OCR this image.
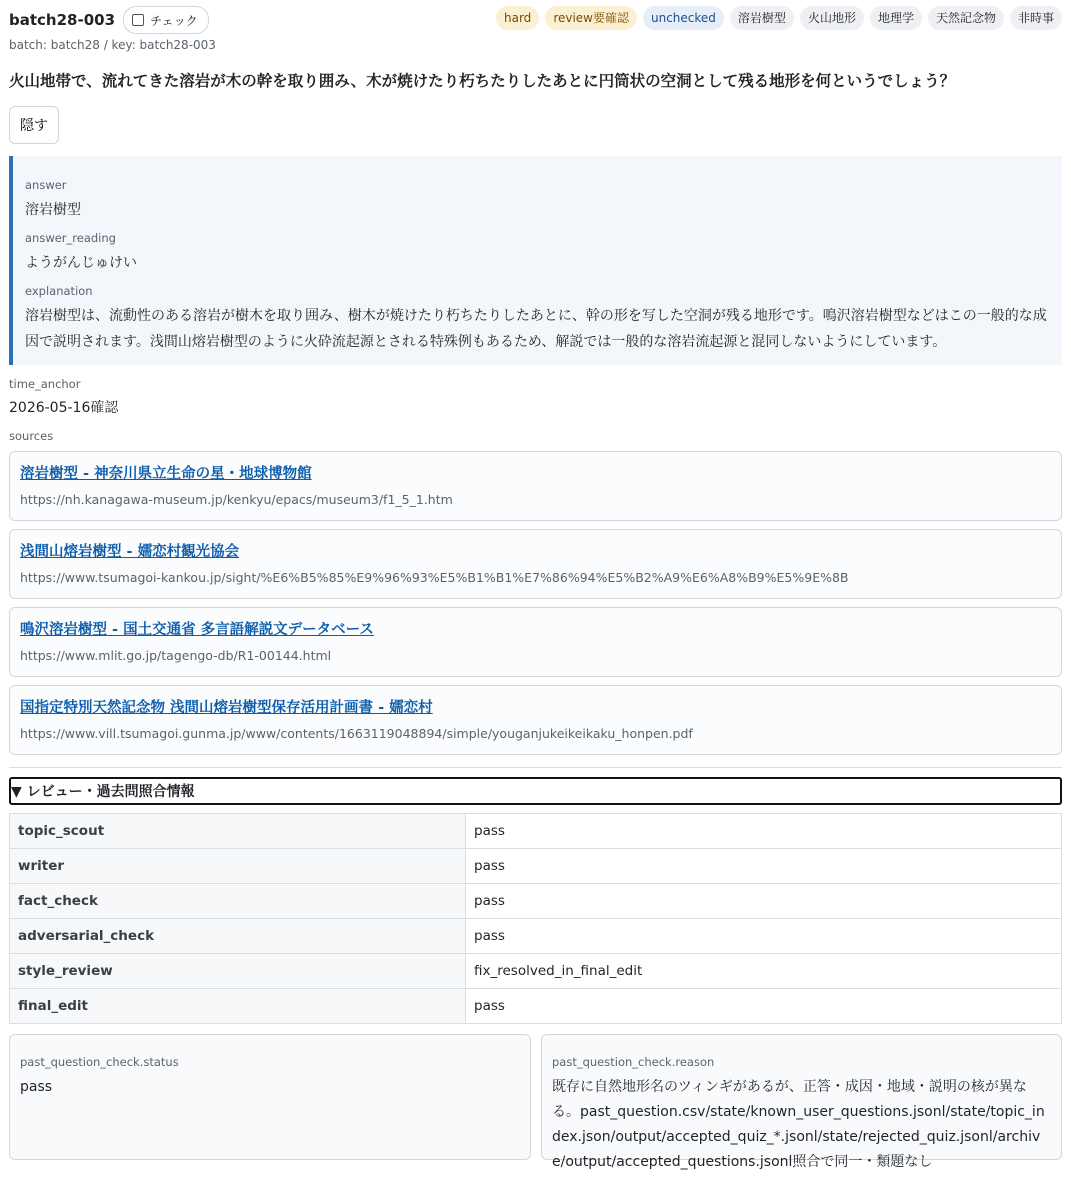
batch28-003	チェック	hard	review要確認	unchecked	溶岩樹型	火山地形	地理学	天然記念物	非時事
batch: batch28 / key: batch28-003
火山地帯で、流れてきた溶岩が木の幹を取り囲み、木が焼けたり朽ちたりしたあとに円筒状の空洞として残る地形を何というでしょう？
隠す
answer
溶岩樹型
answer_reading
ようがんじゅけい
explanation
溶岩樹型は、流動性のある溶岩が樹木を取り囲み、樹木が焼けたり朽ちたりしたあとに、幹の形を写した空洞が残る地形です。鳴沢溶岩樹型などはこの一般的な成因で説明されます。浅間山熔岩樹型のように火砕流起源とされる特殊例もあるため、解説では一般的な溶岩流起源と混同しないようにしています。
time_anchor
2026-05-16確認
sources
溶岩樹型 - 神奈川県立生命の星・地球博物館
https://nh.kanagawa-museum.jp/kenkyu/epacs/museum3/f1_5_1.htm
浅間山熔岩樹型 - 嬬恋村観光協会
https://www.tsumagoi-kankou.jp/sight/%E6%B5%85%E9%96%93%E5%B1%B1%E7%86%94%E5%B2%A9%E6%A8%B9%E5%9E%8B
鳴沢溶岩樹型 - 国土交通省 多言語解説文データベース
https://www.mlit.go.jp/tagengo-db/R1-00144.html
国指定特別天然記念物 浅間山熔岩樹型保存活用計画書 - 嬬恋村
https://www.vill.tsumagoi.gunma.jp/www/contents/1663119048894/simple/youganjukeikeikaku_honpen.pdf
▼ レビュー・過去問照合情報
topic_scout	pass
writer	pass
fact_check	pass
adversarial_check	pass
style_review	fix_resolved_in_final_edit
final_edit	pass
past_question_check.status
pass
past_question_check.reason
既存に自然地形名のツィンギがあるが、正答・成因・地域・説明の核が異なる。past_question.csv/state/known_user_questions.jsonl/state/topic_index.json/output/accepted_quiz_*.jsonl/state/rejected_quiz.jsonl/archive/output/accepted_questions.jsonl照合で同一・類題なし
